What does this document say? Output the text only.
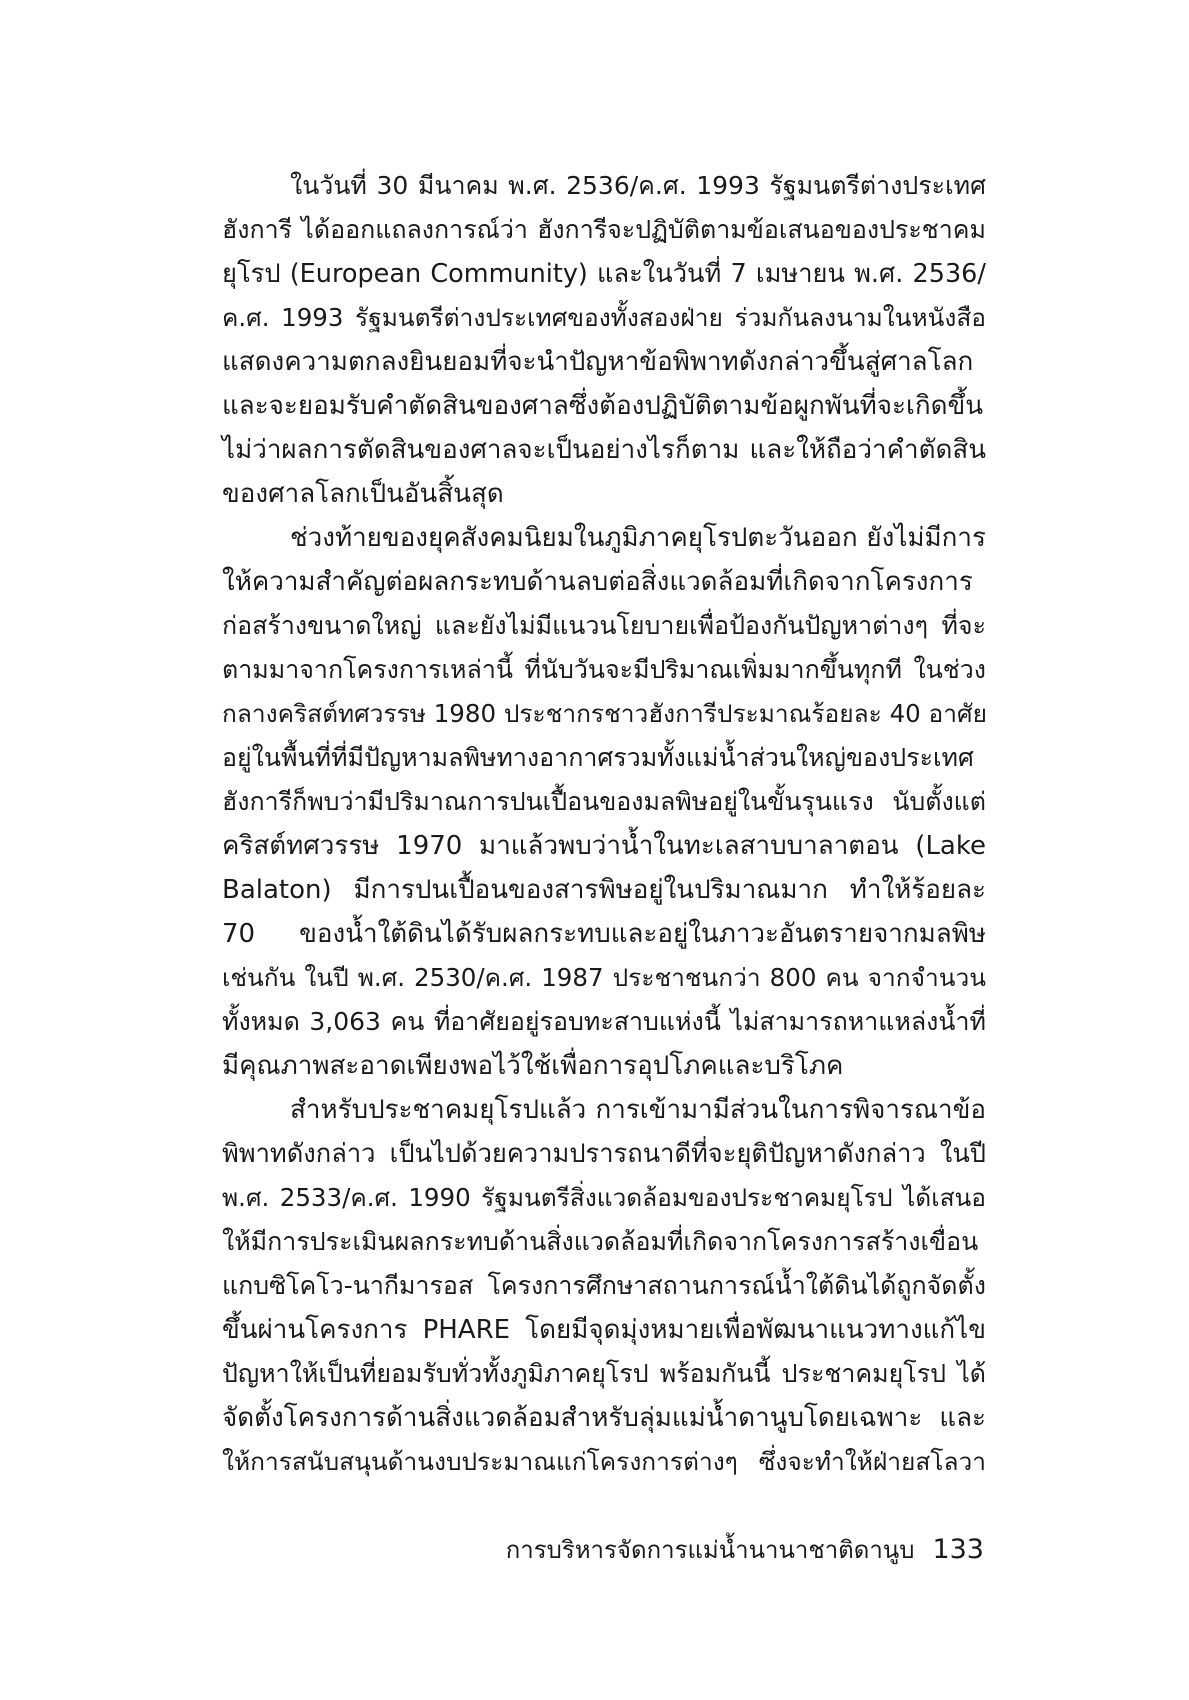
ในวันที่ 30 มีนาคม พ.ศ. 2536/ค.ศ. 1993 รัฐมนตรีต่างประเทศ
ฮังการี ได้ออกแถลงการณ์ว่า ฮังการีจะปฏิบัติตามข้อเสนอของประชาคม
ยุโรป (European Community) และในวันที่ 7 เมษายน พ.ศ. 2536/
ค.ศ. 1993 รัฐมนตรีต่างประเทศของทั้งสองฝ่าย ร่วมกันลงนามในหนังสือ
แสดงความตกลงยินยอมที่จะนำปัญหาข้อพิพาทดังกล่าวขึ้นสู่ศาลโลก
และจะยอมรับคำตัดสินของศาลซึ่งต้องปฏิบัติตามข้อผูกพันที่จะเกิดขึ้น
ไม่ว่าผลการตัดสินของศาลจะเป็นอย่างไรก็ตาม และให้ถือว่าคำตัดสิน
ของศาลโลกเป็นอันสิ้นสุด
ช่วงท้ายของยุคสังคมนิยมในภูมิภาคยุโรปตะวันออก ยังไม่มีการ
ให้ความสำคัญต่อผลกระทบด้านลบต่อสิ่งแวดล้อมที่เกิดจากโครงการ
ก่อสร้างขนาดใหญ่ และยังไม่มีแนวนโยบายเพื่อป้องกันปัญหาต่างๆ ที่จะ
ตามมาจากโครงการเหล่านี้ ที่นับวันจะมีปริมาณเพิ่มมากขึ้นทุกที ในช่วง
กลางคริสต์ทศวรรษ 1980 ประชากรชาวฮังการีประมาณร้อยละ 40 อาศัย
อยู่ในพื้นที่ที่มีปัญหามลพิษทางอากาศรวมทั้งแม่น้ำส่วนใหญ่ของประเทศ
ฮังการีก็พบว่ามีปริมาณการปนเปื้อนของมลพิษอยู่ในขั้นรุนแรง นับตั้งแต่
คริสต์ทศวรรษ 1970 มาแล้วพบว่าน้ำในทะเลสาบบาลาตอน (Lake
Balaton) มีการปนเปื้อนของสารพิษอยู่ในปริมาณมาก ทำให้ร้อยละ
70 ของน้ำใต้ดินได้รับผลกระทบและอยู่ในภาวะอันตรายจากมลพิษ
เช่นกัน ในปี พ.ศ. 2530/ค.ศ. 1987 ประชาชนกว่า 800 คน จากจำนวน
ทั้งหมด 3,063 คน ที่อาศัยอยู่รอบทะสาบแห่งนี้ ไม่สามารถหาแหล่งน้ำที่
มีคุณภาพสะอาดเพียงพอไว้ใช้เพื่อการอุปโภคและบริโภค
สำหรับประชาคมยุโรปแล้ว การเข้ามามีส่วนในการพิจารณาข้อ
พิพาทดังกล่าว เป็นไปด้วยความปรารถนาดีที่จะยุติปัญหาดังกล่าว ในปี
พ.ศ. 2533/ค.ศ. 1990 รัฐมนตรีสิ่งแวดล้อมของประชาคมยุโรป ได้เสนอ
ให้มีการประเมินผลกระทบด้านสิ่งแวดล้อมที่เกิดจากโครงการสร้างเขื่อน
แกบซิโคโว-นากีมารอส โครงการศึกษาสถานการณ์น้ำใต้ดินได้ถูกจัดตั้ง
ขึ้นผ่านโครงการ PHARE โดยมีจุดมุ่งหมายเพื่อพัฒนาแนวทางแก้ไข
ปัญหาให้เป็นที่ยอมรับทั่วทั้งภูมิภาคยุโรป พร้อมกันนี้ ประชาคมยุโรป ได้
จัดตั้งโครงการด้านสิ่งแวดล้อมสำหรับลุ่มแม่น้ำดานูบโดยเฉพาะ และ
ให้การสนับสนุนด้านงบประมาณแก่โครงการต่างๆ ซึ่งจะทำให้ฝ่ายสโลวา
การบริหารจัดการแม่น้ำนานาชาติดานูบ 133
